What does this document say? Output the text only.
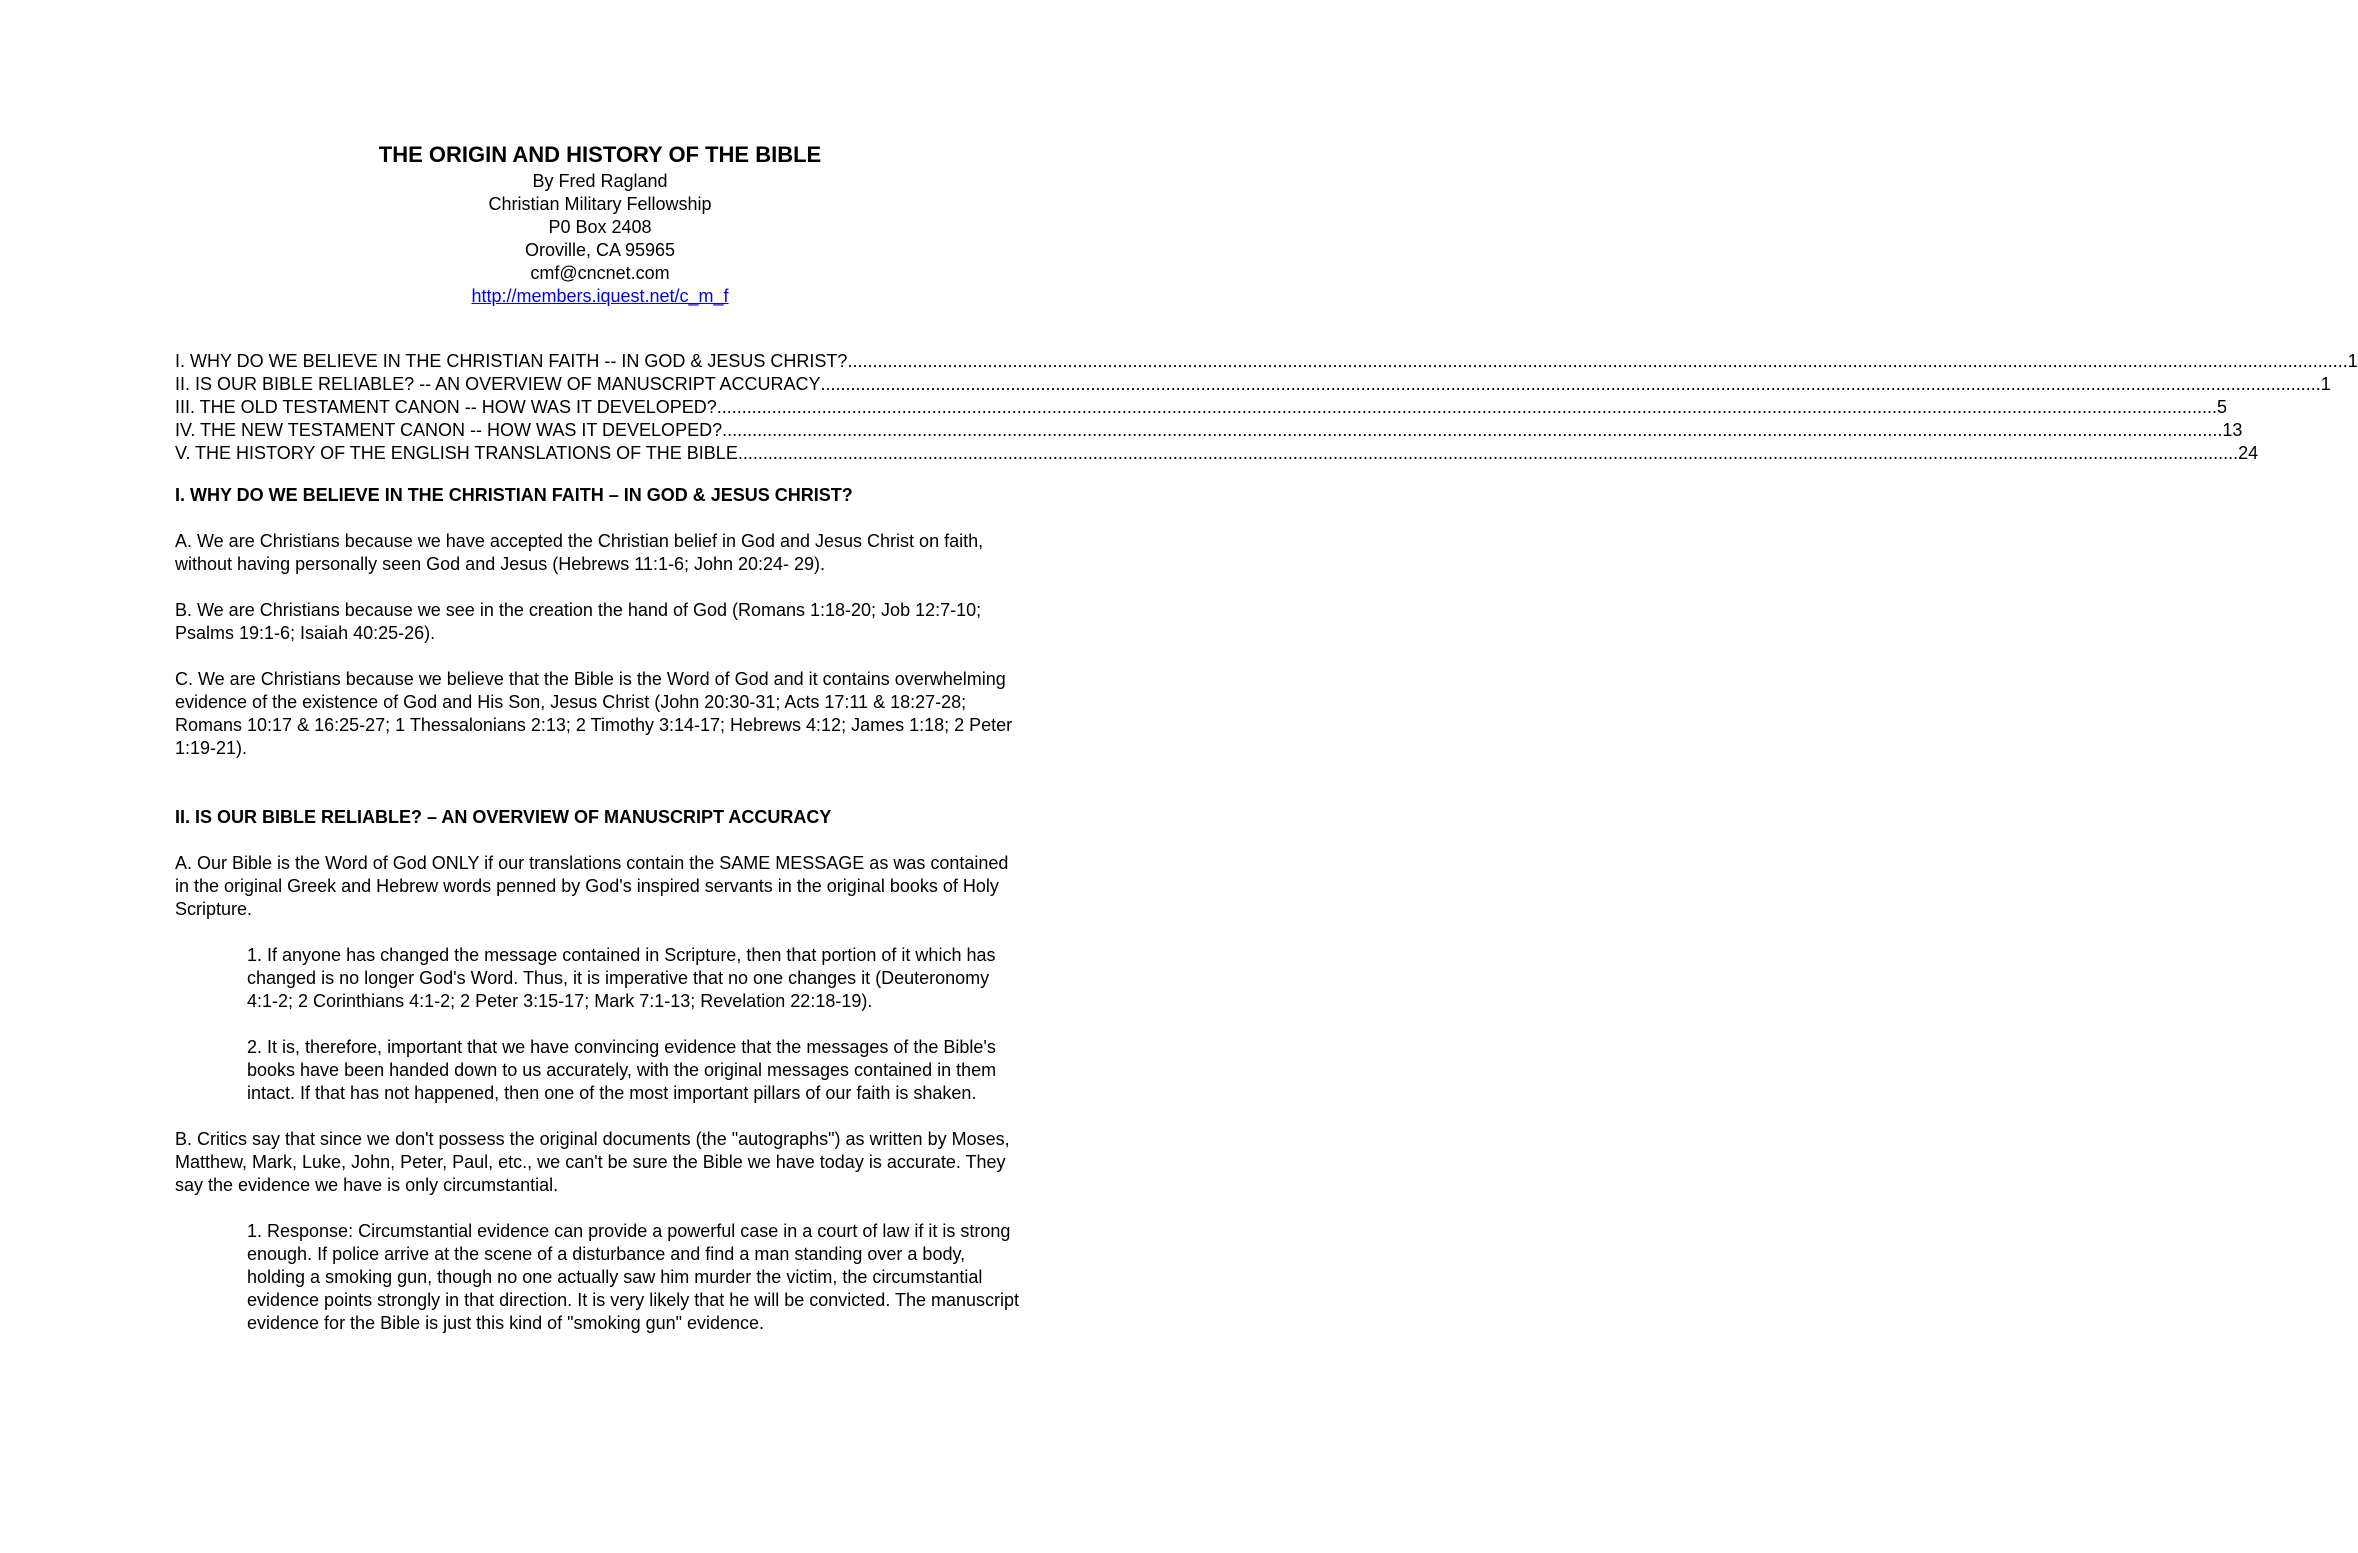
THE ORIGIN AND HISTORY OF THE BIBLE
By Fred Ragland
Christian Military Fellowship
P0 Box 2408
Oroville, CA 95965
cmf@cncnet.com
http://members.iquest.net/c_m_f
I. WHY DO WE BELIEVE IN THE CHRISTIAN FAITH -- IN GOD & JESUS CHRIST? ............................................................................................................................................................................................................................................................................................................ 1
II. IS OUR BIBLE RELIABLE? -- AN OVERVIEW OF MANUSCRIPT ACCURACY ............................................................................................................................................................................................................................................................................................................ 1
III. THE OLD TESTAMENT CANON -- HOW WAS IT DEVELOPED? ............................................................................................................................................................................................................................................................................................................ 5
IV. THE NEW TESTAMENT CANON -- HOW WAS IT DEVELOPED? ............................................................................................................................................................................................................................................................................................................ 13
V. THE HISTORY OF THE ENGLISH TRANSLATIONS OF THE BIBLE ............................................................................................................................................................................................................................................................................................................ 24
I. WHY DO WE BELIEVE IN THE CHRISTIAN FAITH – IN GOD & JESUS CHRIST?

A. We are Christians because we have accepted the Christian belief in God and Jesus Christ on faith, without having personally seen God and Jesus (Hebrews 11:1-6; John 20:24- 29).

B. We are Christians because we see in the creation the hand of God (Romans 1:18-20; Job 12:7-10; Psalms 19:1-6; Isaiah 40:25-26).

C. We are Christians because we believe that the Bible is the Word of God and it contains overwhelming evidence of the existence of God and His Son, Jesus Christ (John 20:30-31; Acts 17:11 & 18:27-28; Romans 10:17 & 16:25-27; 1 Thessalonians 2:13; 2 Timothy 3:14-17; Hebrews 4:12; James 1:18; 2 Peter 1:19-21).

II. IS OUR BIBLE RELIABLE? – AN OVERVIEW OF MANUSCRIPT ACCURACY

A. Our Bible is the Word of God ONLY if our translations contain the SAME MESSAGE as was contained in the original Greek and Hebrew words penned by God's inspired servants in the original books of Holy Scripture.

1. If anyone has changed the message contained in Scripture, then that portion of it which has changed is no longer God's Word. Thus, it is imperative that no one changes it (Deuteronomy 4:1-2; 2 Corinthians 4:1-2; 2 Peter 3:15-17; Mark 7:1-13; Revelation 22:18-19).

2. It is, therefore, important that we have convincing evidence that the messages of the Bible's books have been handed down to us accurately, with the original messages contained in them intact. If that has not happened, then one of the most important pillars of our faith is shaken.

B. Critics say that since we don't possess the original documents (the "autographs") as written by Moses, Matthew, Mark, Luke, John, Peter, Paul, etc., we can't be sure the Bible we have today is accurate. They say the evidence we have is only circumstantial.

1. Response: Circumstantial evidence can provide a powerful case in a court of law if it is strong enough. If police arrive at the scene of a disturbance and find a man standing over a body, holding a smoking gun, though no one actually saw him murder the victim, the circumstantial evidence points strongly in that direction. It is very likely that he will be convicted. The manuscript evidence for the Bible is just this kind of "smoking gun" evidence.
